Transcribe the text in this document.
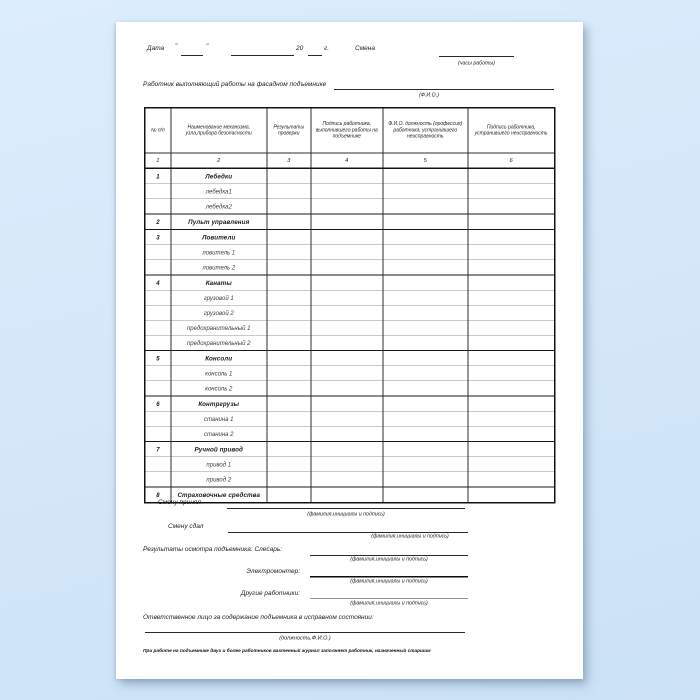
Дата " "	20 г. Смена
(часы работы)
Работник выполняющий работы на фасадном подъемнике
(Ф.И.О.)
№ п/п	Наименование механизма, узла,прибора безопасности	Результаты проверки	Подпись работника, выполнившего работы на подъемнике	Ф.И.О. должность (профессия) работника, устранившего неисправность	Подпись работника, устранившего неисправность
1	2	3	4	5	6
1	Лебедки				
	лебедка1				
	лебедка2				
2	Пульт управления				
3	Ловители				
	ловитель 1				
	ловитель 2				
4	Канаты				
	грузовой 1				
	грузовой 2				
	предохранительный 1				
	предохранительный 2				
5	Консоли				
	консоль 1				
	консоль 2				
6	Контргрузы				
	станина 1				
	станина 2				
7	Ручной привод				
	привод 1				
	привод 2				
8	Страховочные средства				
Смену принял
(фамилия,инициалы и подпись)
Смену сдал
(фамилия,инициалы и подпись)
Результаты осмотра подъемника: Слесарь:
(фамилия,инициалы и подпись)
Электромонтер:
(фамилия,инициалы и подпись)
Другие работники:
(фамилия,инициалы и подпись)
Ответственное лицо за содержание подъемника в исправном состоянии:
(должность,Ф.И.О.)
При работе на подъемнике двух и более работников вахтенный журнал заполняет работник, назначенный старшим
